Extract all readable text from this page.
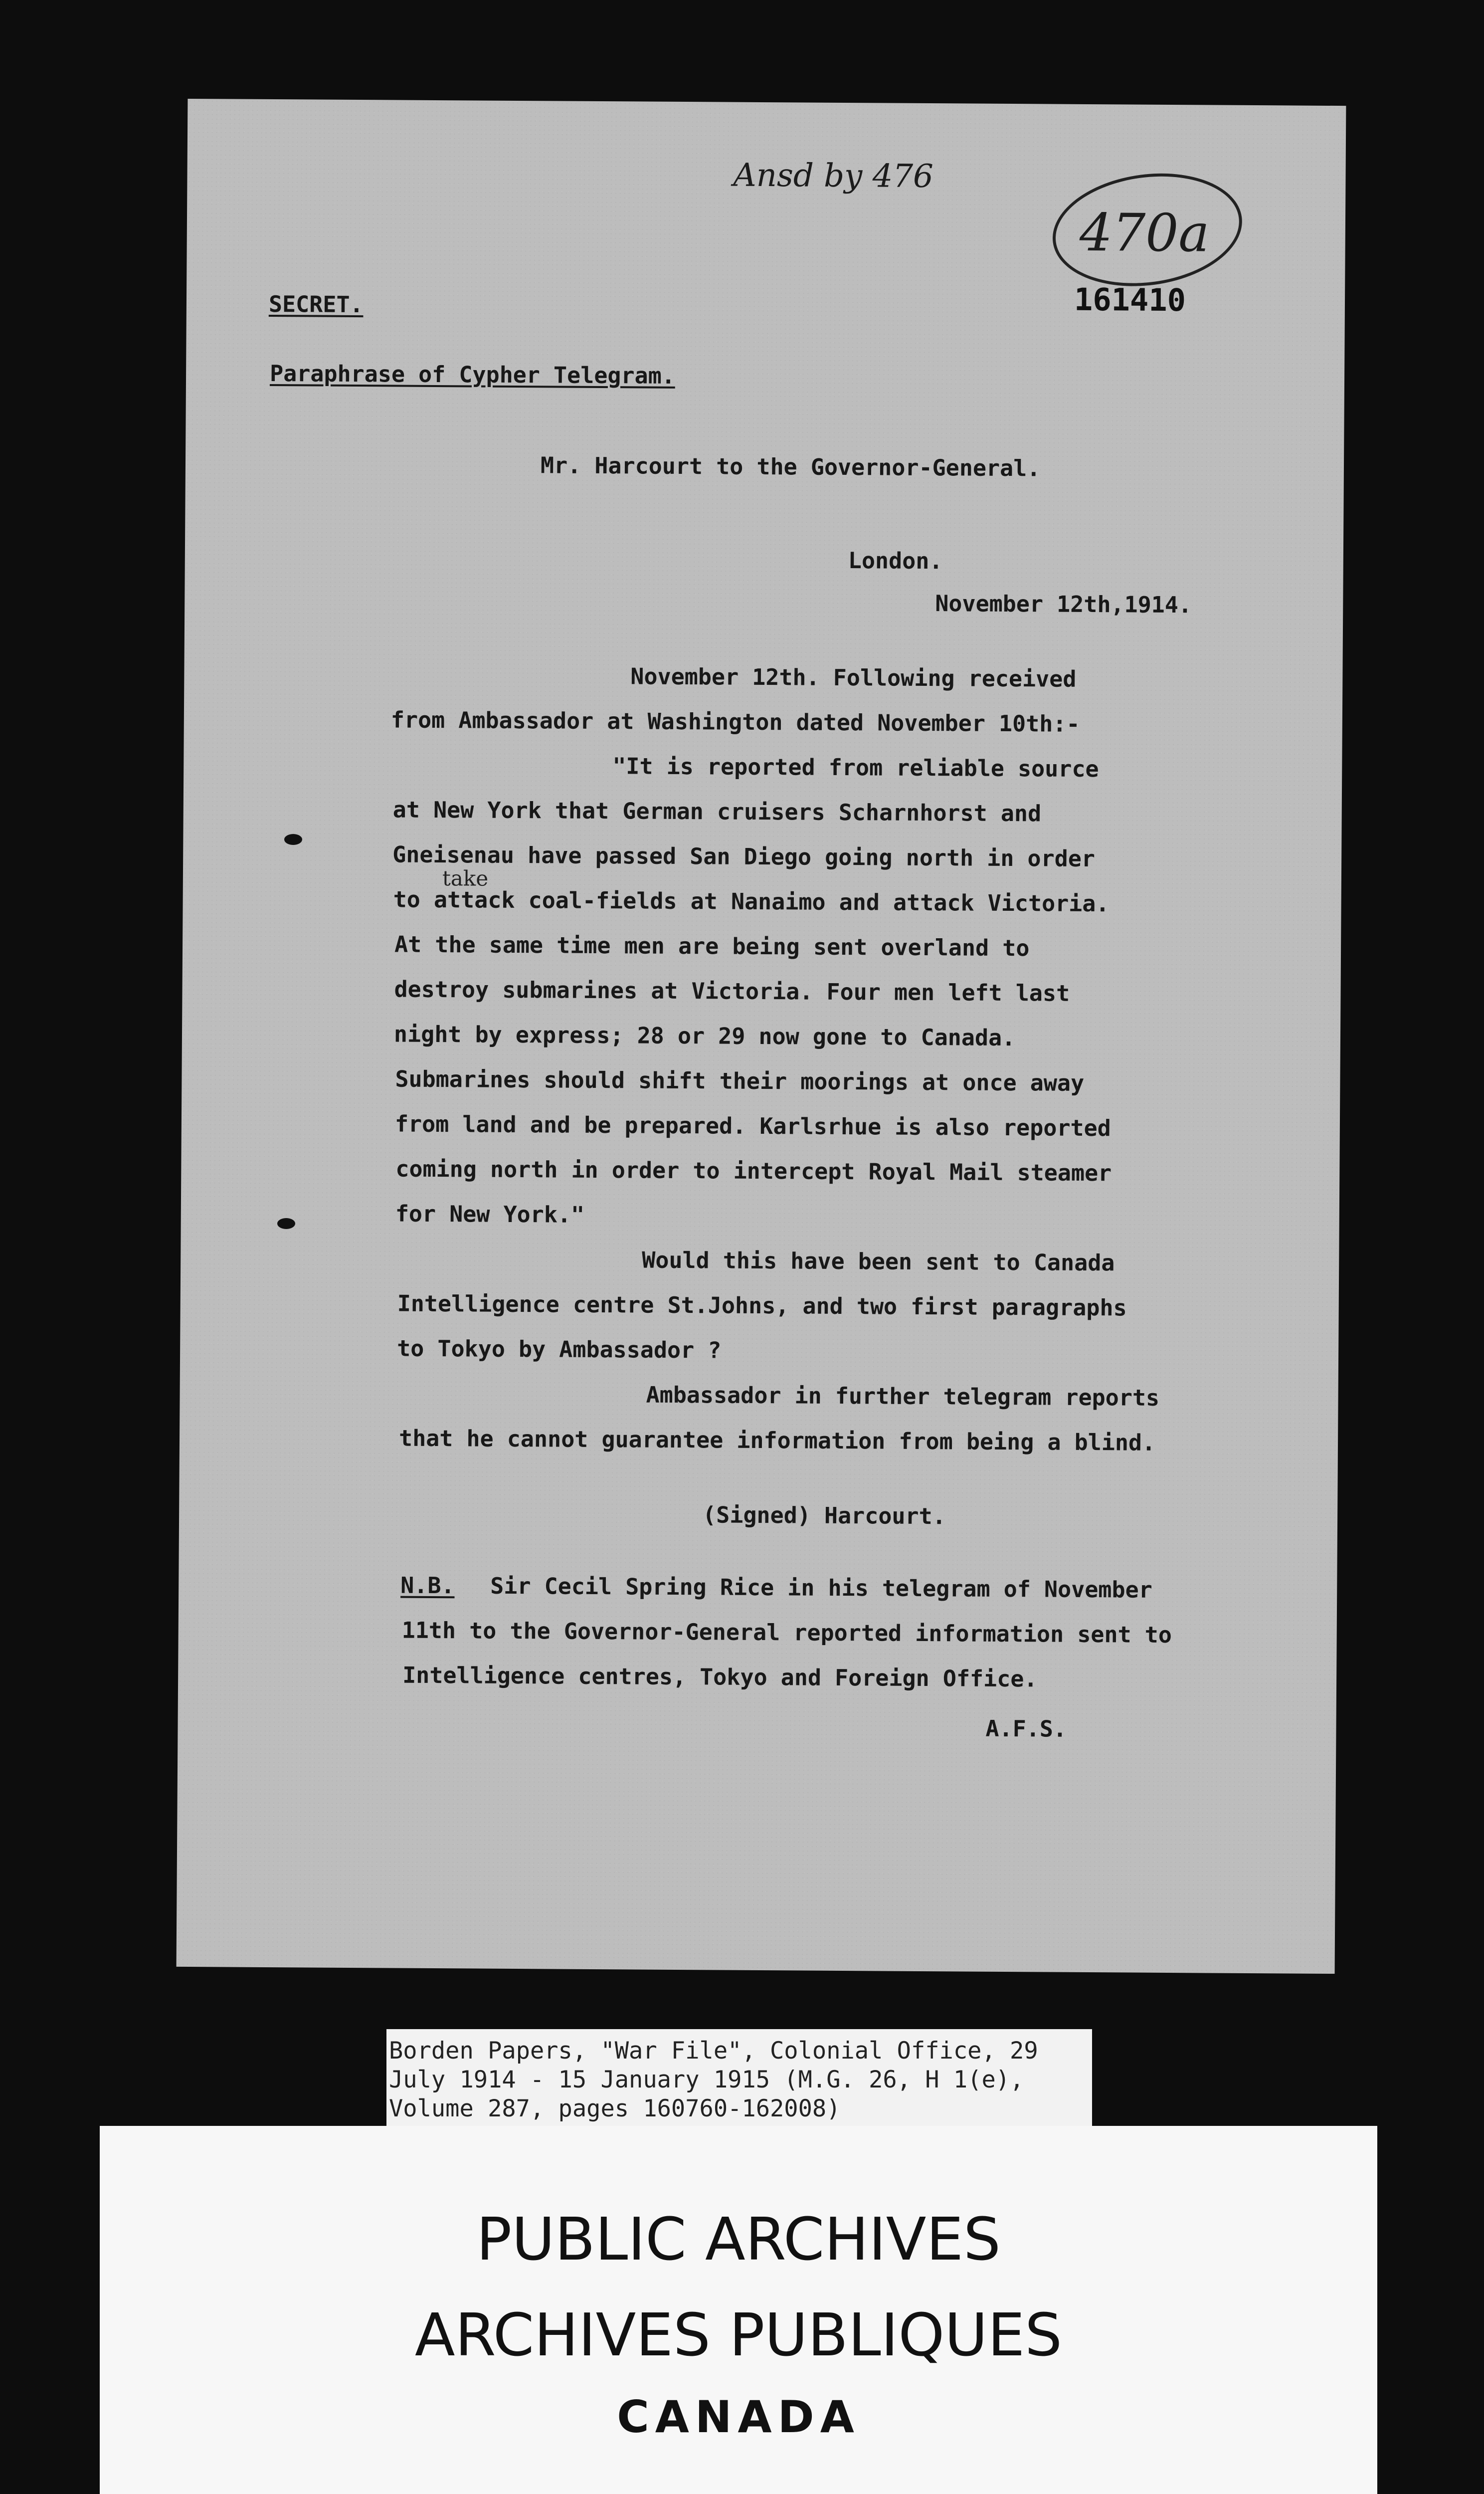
Ansd by 476
470a
161410
SECRET.
Paraphrase of Cypher Telegram.
Mr. Harcourt to the Governor-General.
London.
November 12th,1914.
November 12th. Following received
from Ambassador at Washington dated November 10th:-
"It is reported from reliable source
at New York that German cruisers Scharnhorst and
Gneisenau have passed San Diego going north in order
take
to attack coal-fields at Nanaimo and attack Victoria.
At the same time men are being sent overland to
destroy submarines at Victoria. Four men left last
night by express; 28 or 29 now gone to Canada.
Submarines should shift their moorings at once away
from land and be prepared. Karlsrhue is also reported
coming north in order to intercept Royal Mail steamer
for New York."
Would this have been sent to Canada
Intelligence centre St.Johns, and two first paragraphs
to Tokyo by Ambassador ?
Ambassador in further telegram reports
that he cannot guarantee information from being a blind.
(Signed) Harcourt.
N.B. Sir Cecil Spring Rice in his telegram of November
11th to the Governor-General reported information sent to
Intelligence centres, Tokyo and Foreign Office.
A.F.S.
Borden Papers, "War File", Colonial Office, 29
July 1914 - 15 January 1915 (M.G. 26, H 1(e),
Volume 287, pages 160760-162008)
PUBLIC ARCHIVES
ARCHIVES PUBLIQUES
CANADA
